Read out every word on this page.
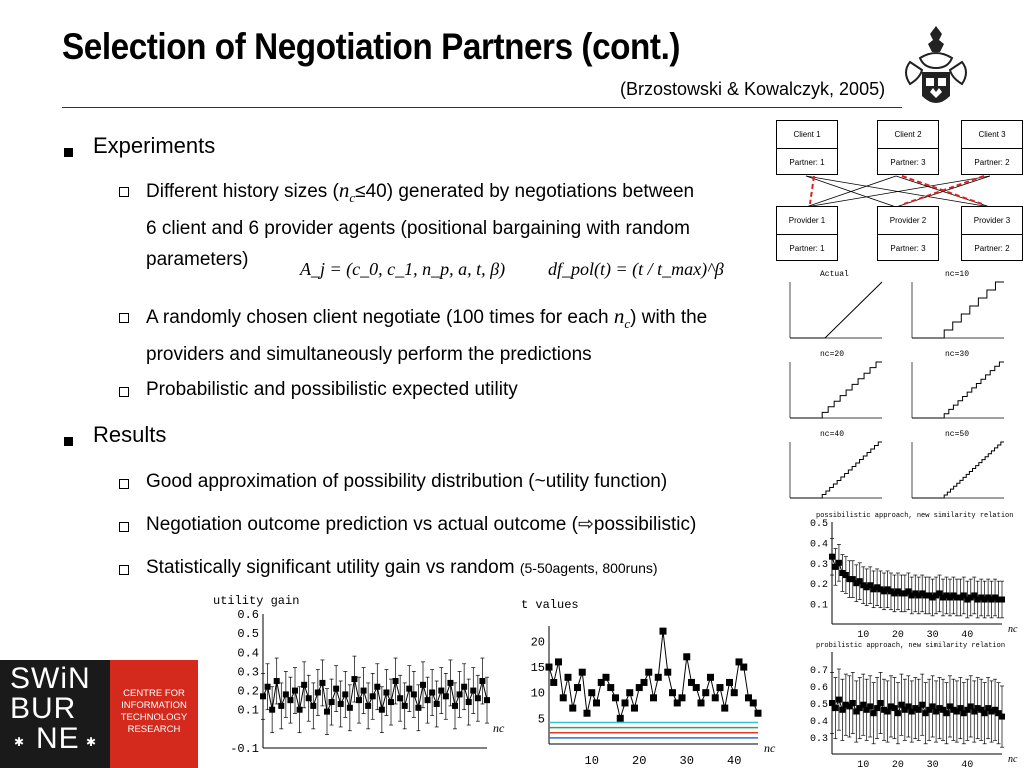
Selection of Negotiation Partners (cont.)
(Brzostowski & Kowalczyk, 2005)
Experiments
Different history sizes $(n_c\le 40)$ generated by negotiations between
6 client and 6 provider agents (positional bargaining with random
parameters)	A_j = (c_0, c_1, n_p, a, t, β) df_pol(t) = (t / t_max)^β
A randomly chosen client negotiate (100 times for each $n_c$) with the
providers and simultaneously perform the predictions
Probabilistic and possibilistic expected utility
Results
Good approximation of possibility distribution (~utility function)
Negotiation outcome prediction vs actual outcome (⇨possibilistic)
Statistically significant utility gain vs random (5-50agents, 800runs)
Client 1
Partner: 1
Client 2
Partner: 3
Client 3
Partner: 2
Provider 1
Partner: 1
Provider 2
Partner: 3
Provider 3
Partner: 2
Actual	nc=10
nc=20	nc=30
nc=40	nc=50
utility gain
0.6
0.5
0.4
0.3
0.2
0.1
-0.1
nc
t values
20
15
10
5
10	20	30	40
nc
possibilistic approach, new similarity relation
0.5
0.4
0.3
0.2
0.1
10 20 30 40
nc
probilistic approach, new similarity relation
0.7
0.6
0.5
0.4
0.3
10 20 30 40
nc
SWiN
BUR
NE
✱	✱
CENTRE FOR
INFORMATION
TECHNOLOGY
RESEARCH
